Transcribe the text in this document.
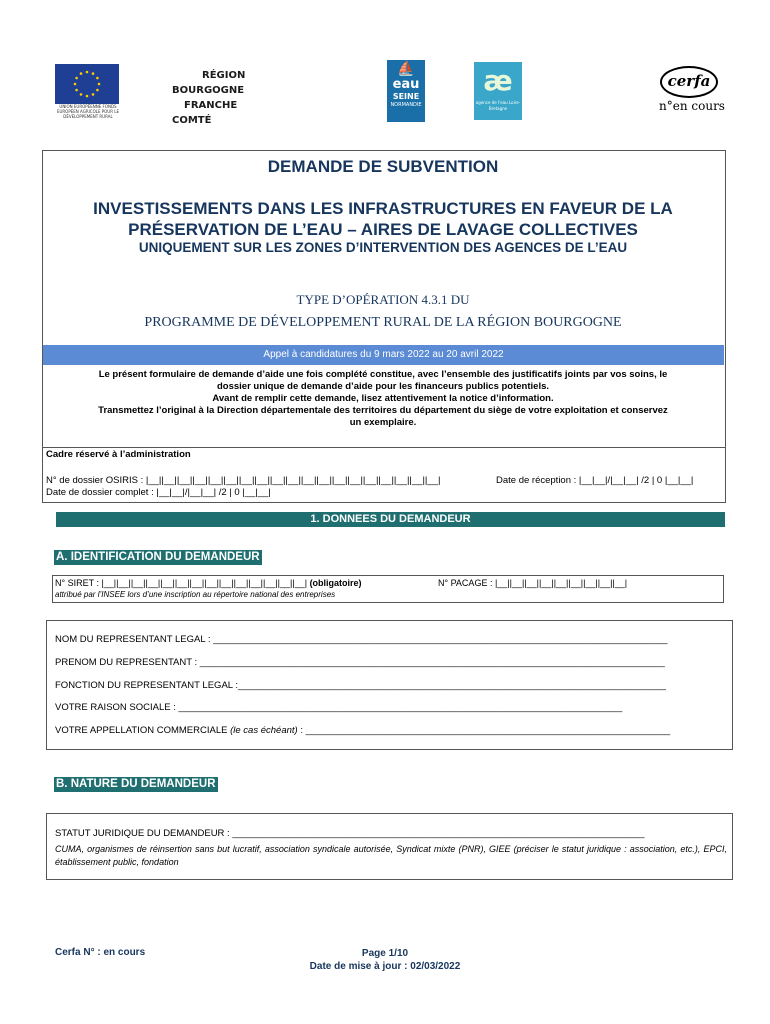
UNION EUROPÉENNE FONDS EUROPÉEN AGRICOLE POUR LE DÉVELOPPEMENT RURAL
RÉGION
BOURGOGNE
FRANCHE
COMTÉ
⛵
eau
SEINE
NORMANDIE
æ
agence de l'eau Loire-Bretagne
cerfa
n°en cours
DEMANDE DE SUBVENTION
INVESTISSEMENTS DANS LES INFRASTRUCTURES EN FAVEUR DE LA
PRÉSERVATION DE L’EAU – AIRES DE LAVAGE COLLECTIVES
UNIQUEMENT SUR LES ZONES D’INTERVENTION DES AGENCES DE L’EAU
TYPE D’OPÉRATION 4.3.1 DU
PROGRAMME DE DÉVELOPPEMENT RURAL DE LA RÉGION BOURGOGNE
Appel à candidatures du 9 mars 2022 au 20 avril 2022
Le présent formulaire de demande d’aide une fois complété constitue, avec l’ensemble des justificatifs joints par vos soins, le
dossier unique de demande d’aide pour les financeurs publics potentiels.
Avant de remplir cette demande, lisez attentivement la notice d’information.
Transmettez l’original à la Direction départementale des territoires du département du siège de votre exploitation et conservez
un exemplaire.
Cadre réservé à l’administration
N° de dossier OSIRIS : |__||__||__||__||__||__||__||__||__||__||__||__||__||__||__||__||__||__||__|	Date de réception : |__|__|/|__|__| /2 | 0 |__|__|
Date de dossier complet : |__|__|/|__|__| /2 | 0 |__|__|
1. DONNEES DU DEMANDEUR
A. IDENTIFICATION DU DEMANDEUR
N° SIRET : |__||__||__||__||__||__||__||__||__||__||__||__||__||__| (obligatoire)
attribué par l’INSEE lors d’une inscription au répertoire national des entreprises
N° PACAGE : |__||__||__||__||__||__||__||__||__|
NOM DU REPRESENTANT LEGAL : ______________________________________________________________________________________
PRENOM DU REPRESENTANT : ________________________________________________________________________________________
FONCTION DU REPRESENTANT LEGAL :_________________________________________________________________________________
VOTRE RAISON SOCIALE : ____________________________________________________________________________________
VOTRE APPELLATION COMMERCIALE (le cas échéant) : _____________________________________________________________________
B. NATURE DU DEMANDEUR
STATUT JURIDIQUE DU DEMANDEUR : ______________________________________________________________________________
CUMA, organismes de réinsertion sans but lucratif, association syndicale autorisée, Syndicat mixte (PNR), GIEE (préciser le statut juridique : association, etc.), EPCI, établissement public, fondation
Cerfa N° : en cours	Page 1/10
Date de mise à jour : 02/03/2022
